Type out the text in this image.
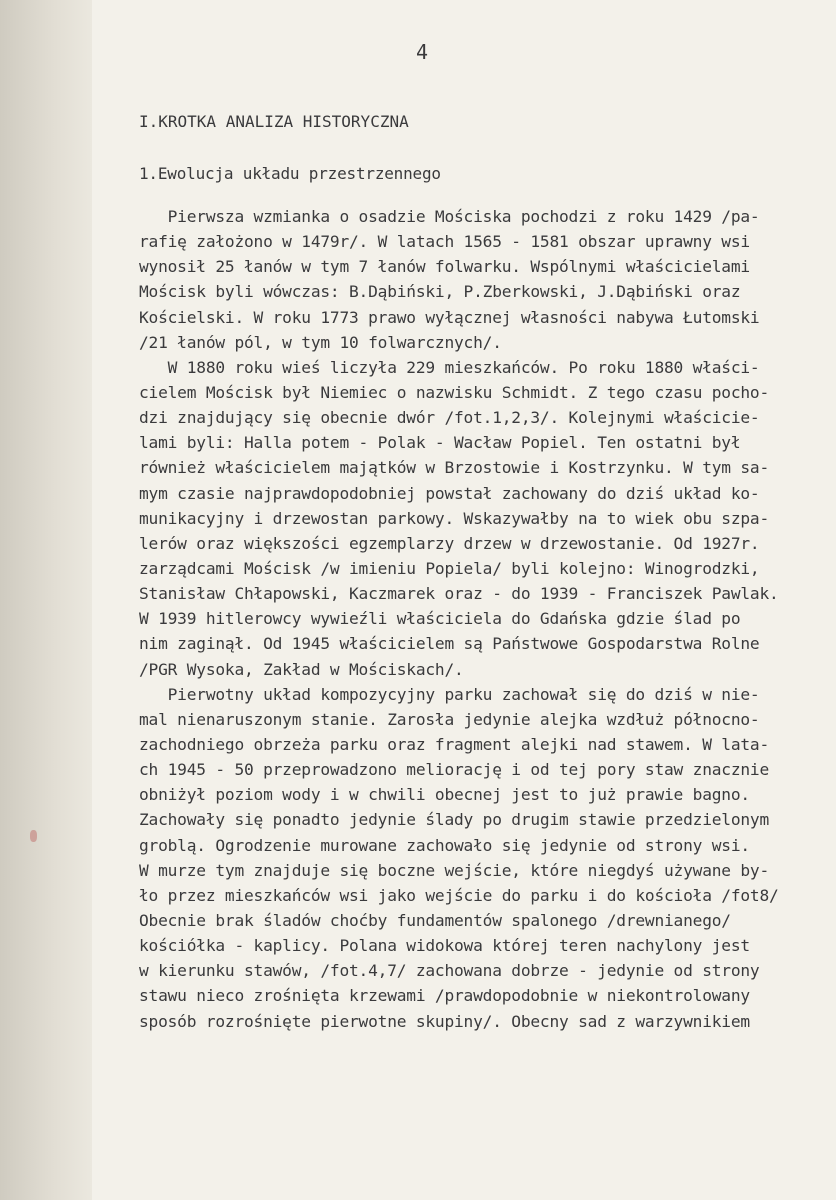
4
I.KROTKA ANALIZA HISTORYCZNA
1.Ewolucja układu przestrzennego
Pierwsza wzmianka o osadzie Mościska pochodzi z roku 1429 /pa-
rafię założono w 1479r/. W latach 1565 - 1581 obszar uprawny wsi
wynosił 25 łanów w tym 7 łanów folwarku. Wspólnymi właścicielami
Mościsk byli wówczas: B.Dąbiński, P.Zberkowski, J.Dąbiński oraz
Kościelski. W roku 1773 prawo wyłącznej własności nabywa Łutomski
/21 łanów pól, w tym 10 folwarcznych/.
W 1880 roku wieś liczyła 229 mieszkańców. Po roku 1880 właści-
cielem Mościsk był Niemiec o nazwisku Schmidt. Z tego czasu pocho-
dzi znajdujący się obecnie dwór /fot.1,2,3/. Kolejnymi właściciе-
lami byli: Halla potem - Polak - Wacław Popiel. Ten ostatni był
również właścicielem majątków w Brzostowie i Kostrzynku. W tym sa-
mym czasie najprawdopodobniej powstał zachowany do dziś układ ko-
munikacyjny i drzewostan parkowy. Wskazywałby na to wiek obu szpa-
lerów oraz większości egzemplarzy drzew w drzewostanie. Od 1927r.
zarządcami Mościsk /w imieniu Popiela/ byli kolejno: Winogrodzki,
Stanisław Chłapowski, Kaczmarek oraz - do 1939 - Franciszek Pawlak.
W 1939 hitlerowcy wywieźli właściciela do Gdańska gdzie ślad po
nim zaginął. Od 1945 właścicielem są Państwowe Gospodarstwa Rolne
/PGR Wysoka, Zakład w Mościskach/.
Pierwotny układ kompozycyjny parku zachował się do dziś w nie-
mal nienaruszonym stanie. Zarosła jedynie alejka wzdłuż północno-
zachodniego obrzeża parku oraz fragment alejki nad stawem. W lata-
ch 1945 - 50 przeprowadzono meliorację i od tej pory staw znacznie
obniżył poziom wody i w chwili obecnej jest to już prawie bagno.
Zachowały się ponadto jedynie ślady po drugim stawie przedzielonym
groblą. Ogrodzenie murowane zachowało się jedynie od strony wsi.
W murze tym znajduje się boczne wejście, które niegdyś używane by-
ło przez mieszkańców wsi jako wejście do parku i do kościoła /fot8/
Obecnie brak śladów choćby fundamentów spalonego /drewnianego/
kościółka - kaplicy. Polana widokowa której teren nachylony jest
w kierunku stawów, /fot.4,7/ zachowana dobrze - jedynie od strony
stawu nieco zrośnięta krzewami /prawdopodobnie w niekontrolowany
sposób rozrośnięte pierwotne skupiny/. Obecny sad z warzywnikiem
